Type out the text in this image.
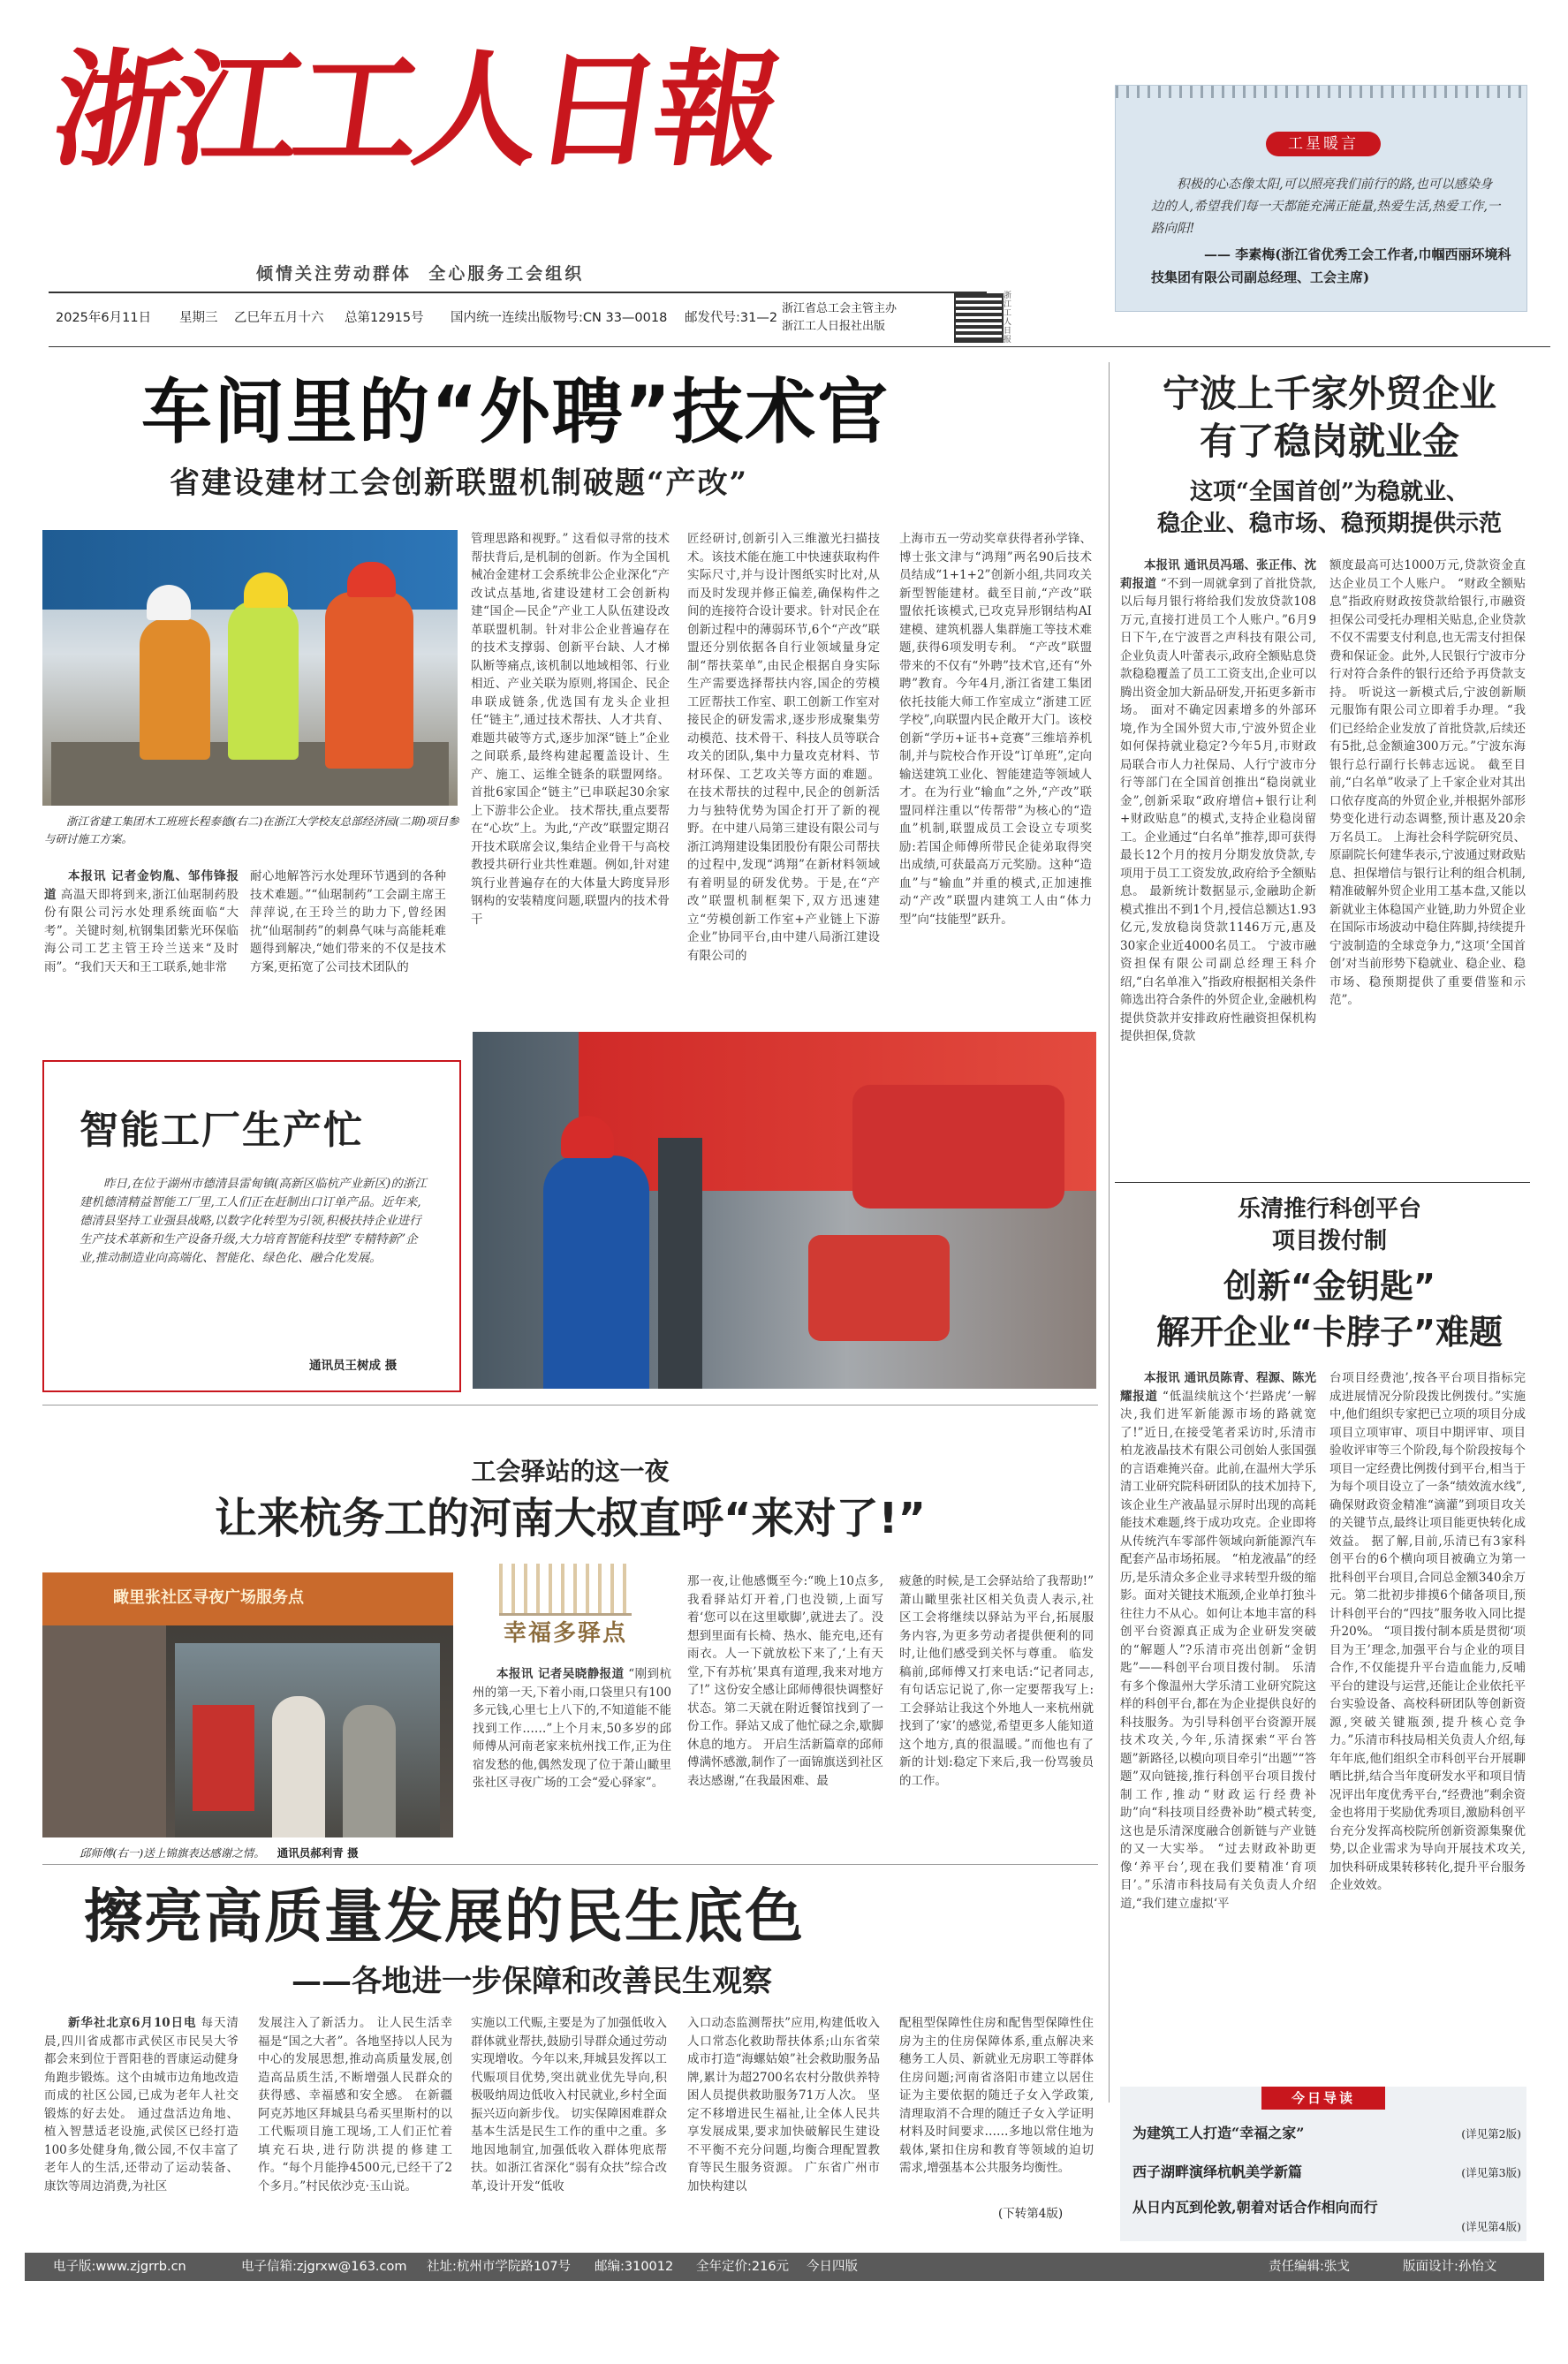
浙江工人日報
倾情关注劳动群体  全心服务工会组织
2025年6月11日 星期三 乙巳年五月十六 总第12915号 国内统一连续出版物号:CN 33—0018 邮发代号:31—2
浙江省总工会主管主办
浙江工人日报社出版
浙江工人日报
工星暖言
积极的心态像太阳,可以照亮我们前行的路,也可以感染身边的人,希望我们每一天都能充满正能量,热爱生活,热爱工作,一路向阳!
—— 李素梅(浙江省优秀工会工作者,巾帼西丽环境科技集团有限公司副总经理、工会主席)
车间里的“外聘”技术官
省建设建材工会创新联盟机制破题“产改”
浙江省建工集团木工班班长程泰德(右二)在浙江大学校友总部经济园(二期)项目参与研讨施工方案。

本报讯 记者金钧胤、邹伟锋报道 高温天即将到来,浙江仙琚制药股份有限公司污水处理系统面临“大考”。关键时刻,杭钢集团紫光环保临海公司工艺主管王玲兰送来“及时雨”。“我们天天和王工联系,她非常

耐心地解答污水处理环节遇到的各种技术难题。”“仙琚制药”工会副主席王萍萍说,在王玲兰的助力下,曾经困扰“仙琚制药”的刺鼻气味与高能耗难题得到解决,“她们带来的不仅是技术方案,更拓宽了公司技术团队的

管理思路和视野。” 这看似寻常的技术帮扶背后,是机制的创新。作为全国机械冶金建材工会系统非公企业深化“产改试点基地,省建设建材工会创新构建“国企—民企”产业工人队伍建设改革联盟机制。针对非公企业普遍存在的技术支撑弱、创新平台缺、人才梯队断等痛点,该机制以地域相邻、行业相近、产业关联为原则,将国企、民企串联成链条,优选国有龙头企业担任“链主”,通过技术帮扶、人才共育、难题共破等方式,逐步加深“链上”企业之间联系,最终构建起覆盖设计、生产、施工、运维全链条的联盟网络。首批6家国企“链主”已串联起30余家上下游非公企业。 技术帮扶,重点要帮在“心坎”上。为此,“产改”联盟定期召开技术联席会议,集结企业骨干与高校教授共研行业共性难题。例如,针对建筑行业普遍存在的大体量大跨度异形钢构的安装精度问题,联盟内的技术骨干

匠经研讨,创新引入三维激光扫描技术。该技术能在施工中快速获取构件实际尺寸,并与设计图纸实时比对,从而及时发现并修正偏差,确保构件之间的连接符合设计要求。针对民企在创新过程中的薄弱环节,6个“产改”联盟还分别依据各自行业领域量身定制“帮扶菜单”,由民企根据自身实际生产需要选择帮扶内容,国企的劳模工匠帮扶工作室、职工创新工作室对接民企的研发需求,逐步形成聚集劳动模范、技术骨干、科技人员等联合攻关的团队,集中力量攻克材料、节材环保、工艺攻关等方面的难题。 在技术帮扶的过程中,民企的创新活力与独特优势为国企打开了新的视野。在中建八局第三建设有限公司与浙江鸿翔建设集团股份有限公司帮扶的过程中,发现“鸿翔”在新材料领域有着明显的研发优势。于是,在“产改”联盟机制框架下,双方迅速建立“劳模创新工作室+产业链上下游企业”协同平台,由中建八局浙江建设有限公司的

上海市五一劳动奖章获得者孙学锋、博士张文津与“鸿翔”两名90后技术员结成“1+1+2”创新小组,共同攻关新型智能建材。截至目前,“产改”联盟依托该模式,已攻克异形钢结构AI建模、建筑机器人集群施工等技术难题,获得6项发明专利。 “产改”联盟带来的不仅有“外聘”技术官,还有“外聘”教育。今年4月,浙江省建工集团依托技能大师工作室成立“浙建工匠学校”,向联盟内民企敞开大门。该校创新“学历+证书+竞赛”三维培养机制,并与院校合作开设“订单班”,定向输送建筑工业化、智能建造等领域人才。在为行业“输血”之外,“产改”联盟同样注重以“传帮带”为核心的“造血”机制,联盟成员工会设立专项奖励:若国企师傅所带民企徒弟取得突出成绩,可获最高万元奖励。这种“造血”与“输血”并重的模式,正加速推动“产改”联盟内建筑工人由“体力型”向“技能型”跃升。

宁波上千家外贸企业
有了稳岗就业金
这项“全国首创”为稳就业、
稳企业、稳市场、稳预期提供示范

本报讯 通讯员冯瑶、张正伟、沈莉报道 “不到一周就拿到了首批贷款,以后每月银行将给我们发放贷款108万元,直接打进员工个人账户。”6月9日下午,在宁波晋之声科技有限公司,企业负责人叶蕾表示,政府全额贴息贷款稳稳覆盖了员工工资支出,企业可以腾出资金加大新品研发,开拓更多新市场。 面对不确定因素增多的外部环境,作为全国外贸大市,宁波外贸企业如何保持就业稳定?今年5月,市财政局联合市人力社保局、人行宁波市分行等部门在全国首创推出“稳岗就业金”,创新采取“政府增信+银行让利+财政贴息”的模式,支持企业稳岗留工。企业通过“白名单”推荐,即可获得最长12个月的按月分期发放贷款,专项用于员工工资发放,政府给予全额贴息。 最新统计数据显示,金融助企新模式推出不到1个月,授信总额达1.93亿元,发放稳岗贷款1146万元,惠及30家企业近4000名员工。 宁波市融资担保有限公司副总经理王科介绍,“白名单准入”指政府根据相关条件筛选出符合条件的外贸企业,金融机构提供贷款并安排政府性融资担保机构提供担保,贷款

额度最高可达1000万元,贷款资金直达企业员工个人账户。 “财政全额贴息”指政府财政按贷款给银行,市融资担保公司受托办理相关贴息,企业贷款不仅不需要支付利息,也无需支付担保费和保证金。此外,人民银行宁波市分行对符合条件的银行还给予再贷款支持。 听说这一新模式后,宁波创新顺元服饰有限公司立即着手办理。“我们已经给企业发放了首批贷款,后续还有5批,总金额逾300万元。”宁波东海银行总行副行长韩志远说。 截至目前,“白名单”收录了上千家企业对其出口依存度高的外贸企业,并根据外部形势变化进行动态调整,预计惠及20余万名员工。 上海社会科学院研究员、原副院长何建华表示,宁波通过财政贴息、担保增信与银行让利的组合机制,精准破解外贸企业用工基本盘,又能以新就业主体稳国产业链,助力外贸企业在国际市场波动中稳住阵脚,持续提升宁波制造的全球竞争力,“这项‘全国首创’对当前形势下稳就业、稳企业、稳市场、稳预期提供了重要借鉴和示范”。

智能工厂生产忙
昨日,在位于湖州市德清县雷甸镇(高新区临杭产业新区)的浙江建机德清精益智能工厂里,工人们正在赶制出口订单产品。近年来,德清县坚持工业强县战略,以数字化转型为引领,积极扶持企业进行生产技术革新和生产设备升级,大力培育智能科技型“专精特新”企业,推动制造业向高端化、智能化、绿色化、融合化发展。
通讯员王树成 摄
乐清推行科创平台
项目拨付制
创新“金钥匙”
解开企业“卡脖子”难题

本报讯 通讯员陈青、程源、陈光耀报道 “低温续航这个‘拦路虎’一解决,我们进军新能源市场的路就宽了!”近日,在接受笔者采访时,乐清市柏龙液晶技术有限公司创始人张国强的言语难掩兴奋。此前,在温州大学乐清工业研究院科研团队的技术加持下,该企业生产液晶显示屏时出现的高耗能技术难题,终于成功攻克。企业即将从传统汽车零部件领域向新能源汽车配套产品市场拓展。 “柏龙液晶”的经历,是乐清众多企业寻求转型升级的缩影。面对关键技术瓶颈,企业单打独斗往往力不从心。如何让本地丰富的科创平台资源真正成为企业研发突破的“解题人”?乐清市亮出创新“金钥匙”——科创平台项目拨付制。 乐清有多个像温州大学乐清工业研究院这样的科创平台,都在为企业提供良好的科技服务。为引导科创平台资源开展技术攻关,今年,乐清探索“平台答题”新路径,以模向项目牵引“出题”“答题”双向链接,推行科创平台项目拨付制工作,推动“财政运行经费补助”向“科技项目经费补助”模式转变,这也是乐清深度融合创新链与产业链的又一大实举。 “过去财政补助更像‘养平台’,现在我们要精准‘育项目’。”乐清市科技局有关负责人介绍道,“我们建立虚拟‘平

台项目经费池’,按各平台项目指标完成进展情况分阶段拨比例拨付。”实施中,他们组织专家把已立项的项目分成项目立项审审、项目中期评审、项目验收评审等三个阶段,每个阶段按每个项目一定经费比例拨付到平台,相当于为每个项目设立了一条“绩效流水线”,确保财政资金精准“滴灌”到项目攻关的关键节点,最终让项目能更快转化成效益。 据了解,目前,乐清已有3家科创平台的6个横向项目被确立为第一批科创平台项目,合同总金额340余万元。第二批初步排摸6个储备项目,预计科创平台的“四技”服务收入同比提升20%。 “项目拨付制本质是贯彻‘项目为王’理念,加强平台与企业的项目合作,不仅能提升平台造血能力,反哺平台的建设与运营,还能让企业依托平台实验设备、高校科研团队等创新资源,突破关键瓶颈,提升核心竞争力。”乐清市科技局相关负责人介绍,每年年底,他们组织全市科创平台开展聊晒比拼,结合当年度研发水平和项目情况评出年度优秀平台,“经费池”剩余资金也将用于奖励优秀项目,激励科创平台充分发挥高校院所创新资源集聚优势,以企业需求为导向开展技术攻关,加快科研成果转移转化,提升平台服务企业效效。

工会驿站的这一夜
让来杭务工的河南大叔直呼“来对了!”
瞰里张社区寻夜广场服务点
邱师傅(右一)送上锦旗表达感谢之情。 通讯员郝利青 摄
幸福多驿点

本报讯 记者吴晓静报道 “刚到杭州的第一天,下着小雨,口袋里只有100多元钱,心里七上八下的,不知道能不能找到工作……”上个月末,50多岁的邱师傅从河南老家来杭州找工作,正为住宿发愁的他,偶然发现了位于萧山瞰里张社区寻夜广场的工会“爱心驿家”。

那一夜,让他感慨至今:“晚上10点多,我看驿站灯开着,门也没锁,上面写着‘您可以在这里歇脚’,就进去了。没想到里面有长椅、热水、能充电,还有雨衣。人一下就放松下来了,‘上有天堂,下有苏杭’果真有道理,我来对地方了!” 这份安全感让邱师傅很快调整好状态。第二天就在附近餐馆找到了一份工作。驿站又成了他忙碌之余,歇脚休息的地方。 开启生活新篇章的邱师傅满怀感激,制作了一面锦旗送到社区表达感谢,“在我最困难、最

疲惫的时候,是工会驿站给了我帮助!” 萧山瞰里张社区相关负责人表示,社区工会将继续以驿站为平台,拓展服务内容,为更多劳动者提供便利的同时,让他们感受到关怀与尊重。 临发稿前,邱师傅又打来电话:“记者同志,有句话忘记说了,你一定要帮我写上:工会驿站让我这个外地人一来杭州就找到了‘家’的感觉,希望更多人能知道这个地方,真的很温暖。”而他也有了新的计划:稳定下来后,我一份骂骏员的工作。

擦亮高质量发展的民生底色
——各地进一步保障和改善民生观察

新华社北京6月10日电 每天清晨,四川省成都市武侯区市民吴大爷都会来到位于晋阳巷的晋康运动健身角跑步锻炼。这个由城市边角地改造而成的社区公园,已成为老年人社交锻炼的好去处。 通过盘活边角地、植入智慧适老设施,武侯区已经打造100多处健身角,微公园,不仅丰富了老年人的生活,还带动了运动装备、康饮等周边消费,为社区

发展注入了新活力。 让人民生活幸福是“国之大者”。各地坚持以人民为中心的发展思想,推动高质量发展,创造高品质生活,不断增强人民群众的获得感、幸福感和安全感。 在新疆阿克苏地区拜城县乌希买里斯村的以工代赈项目施工现场,工人们正忙着填充石块,进行防洪提的修建工作。“每个月能挣4500元,已经干了2个多月。”村民依沙克·玉山说。

实施以工代赈,主要是为了加强低收入群体就业帮扶,鼓励引导群众通过劳动实现增收。今年以来,拜城县发挥以工代赈项目优势,突出就业优先导向,积极吸纳周边低收入村民就业,乡村全面振兴迈向新步伐。 切实保障困难群众基本生活是民生工作的重中之重。多地因地制宜,加强低收入群体兜底帮扶。如浙江省深化“弱有众扶”综合改革,设计开发“低收

入口动态监测帮扶”应用,构建低收入人口常态化救助帮扶体系;山东省荣成市打造“海螺姑娘”社会救助服务品牌,累计为超2700名农村分散供养特困人员提供救助服务71万人次。 坚定不移增进民生福祉,让全体人民共享发展成果,要求加快破解民生建设不平衡不充分问题,均衡合理配置教育等民生服务资源。 广东省广州市加快构建以

配租型保障性住房和配售型保障性住房为主的住房保障体系,重点解决来穗务工人员、新就业无房职工等群体住房问题;河南省洛阳市建立以居住证为主要依据的随迁子女入学政策,清理取消不合理的随迁子女入学证明材料及时间要求……多地以常住地为载体,紧扣住房和教育等领域的迫切需求,增强基本公共服务均衡性。

(下转第4版)
今日导读
为建筑工人打造“幸福之家”	(详见第2版)
西子湖畔演绎杭帆美学新篇	(详见第3版)
从日内瓦到伦敦,朝着对话合作相向而行
(详见第4版)
电子版:www.zjgrrb.cn	电子信箱:zjgrxw@163.com 社址:杭州市学院路107号 邮编:310012 全年定价:216元 今日四版	责任编辑:张戈	版面设计:孙怡文
